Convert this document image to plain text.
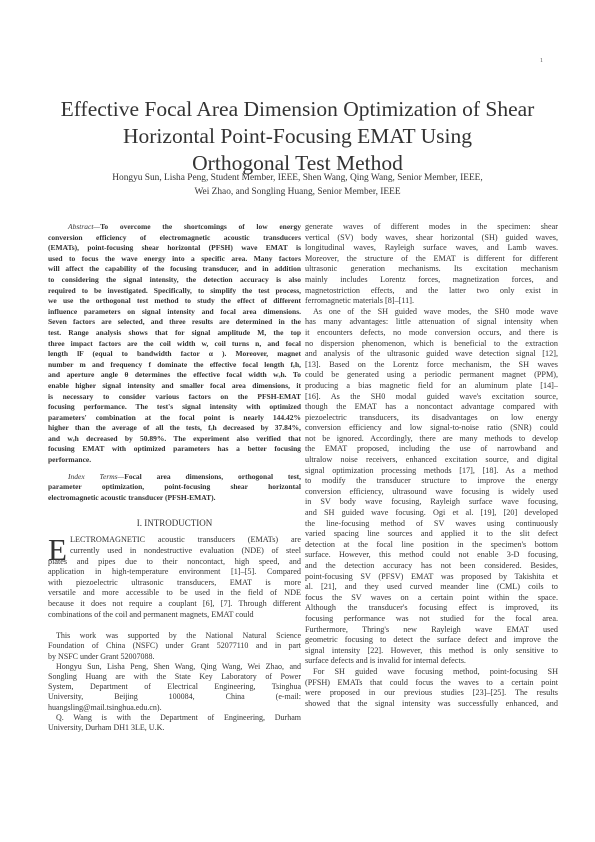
1
Effective Focal Area Dimension Optimization of Shear
Horizontal Point-Focusing EMAT Using
Orthogonal Test Method
Hongyu Sun, Lisha Peng, Student Member, IEEE, Shen Wang, Qing Wang, Senior Member, IEEE,
Wei Zhao, and Songling Huang, Senior Member, IEEE
Abstract—To overcome the shortcomings of low energy
conversion efficiency of electromagnetic acoustic transducers
(EMATs), point-focusing shear horizontal (PFSH) wave EMAT is
used to focus the wave energy into a specific area. Many factors
will affect the capability of the focusing transducer, and in addition
to considering the signal intensity, the detection accuracy is also
required to be investigated. Specifically, to simplify the test process,
we use the orthogonal test method to study the effect of different
influence parameters on signal intensity and focal area dimensions.
Seven factors are selected, and three results are determined in the
test. Range analysis shows that for signal amplitude M, the top
three impact factors are the coil width w, coil turns n, and focal
length lF (equal to bandwidth factor α ). Moreover, magnet
number m and frequency f dominate the effective focal length fₑh,
and aperture angle θ determines the effective focal width wₑh. To
enable higher signal intensity and smaller focal area dimensions, it
is necessary to consider various factors on the PFSH-EMAT
focusing performance. The test's signal intensity with optimized
parameters' combination at the focal point is nearly 144.42%
higher than the average of all the tests, fₑh decreased by 37.84%,
and wₑh decreased by 50.89%. The experiment also verified that
focusing EMAT with optimized parameters has a better focusing
performance.
Index Terms—Focal area dimensions, orthogonal test,
parameter optimization, point-focusing shear horizontal
electromagnetic acoustic transducer (PFSH-EMAT).
I. INTRODUCTION
E LECTROMAGNETIC acoustic transducers (EMATs) are
currently used in nondestructive evaluation (NDE) of steel
plates and pipes due to their noncontact, high speed, and
application in high-temperature environment [1]–[5]. Compared
with piezoelectric ultrasonic transducers, EMAT is more
versatile and more accessible to be used in the field of NDE
because it does not require a couplant [6], [7]. Through different
combinations of the coil and permanent magnets, EMAT could
This work was supported by the National Natural Science
Foundation of China (NSFC) under Grant 52077110 and in part
by NSFC under Grant 52007088.
Hongyu Sun, Lisha Peng, Shen Wang, Qing Wang, Wei Zhao, and
Songling Huang are with the State Key Laboratory of Power
System, Department of Electrical Engineering, Tsinghua
University, Beijing 100084, China (e-mail:
huangsling@mail.tsinghua.edu.cn).
Q. Wang is with the Department of Engineering, Durham
University, Durham DH1 3LE, U.K.
generate waves of different modes in the specimen: shear
vertical (SV) body waves, shear horizontal (SH) guided waves,
longitudinal waves, Rayleigh surface waves, and Lamb waves.
Moreover, the structure of the EMAT is different for different
ultrasonic generation mechanisms. Its excitation mechanism
mainly includes Lorentz forces, magnetization forces, and
magnetostriction effects, and the latter two only exist in
ferromagnetic materials [8]–[11].
As one of the SH guided wave modes, the SH0 mode wave
has many advantages: little attenuation of signal intensity when
it encounters defects, no mode conversion occurs, and there is
no dispersion phenomenon, which is beneficial to the extraction
and analysis of the ultrasonic guided wave detection signal [12],
[13]. Based on the Lorentz force mechanism, the SH waves
could be generated using a periodic permanent magnet (PPM),
producing a bias magnetic field for an aluminum plate [14]–
[16]. As the SH0 modal guided wave's excitation source,
though the EMAT has a noncontact advantage compared with
piezoelectric transducers, its disadvantages on low energy
conversion efficiency and low signal-to-noise ratio (SNR) could
not be ignored. Accordingly, there are many methods to develop
the EMAT proposed, including the use of narrowband and
ultralow noise receivers, enhanced excitation source, and digital
signal optimization processing methods [17], [18]. As a method
to modify the transducer structure to improve the energy
conversion efficiency, ultrasound wave focusing is widely used
in SV body wave focusing, Rayleigh surface wave focusing,
and SH guided wave focusing. Ogi et al. [19], [20] developed
the line-focusing method of SV waves using continuously
varied spacing line sources and applied it to the slit defect
detection at the focal line position in the specimen's bottom
surface. However, this method could not enable 3-D focusing,
and the detection accuracy has not been considered. Besides,
point-focusing SV (PFSV) EMAT was proposed by Takishita et
al. [21], and they used curved meander line (CML) coils to
focus the SV waves on a certain point within the space.
Although the transducer's focusing effect is improved, its
focusing performance was not studied for the focal area.
Furthermore, Thring's new Rayleigh wave EMAT used
geometric focusing to detect the surface defect and improve the
signal intensity [22]. However, this method is only sensitive to
surface defects and is invalid for internal defects.
For SH guided wave focusing method, point-focusing SH
(PFSH) EMATs that could focus the waves to a certain point
were proposed in our previous studies [23]–[25]. The results
showed that the signal intensity was successfully enhanced, and
